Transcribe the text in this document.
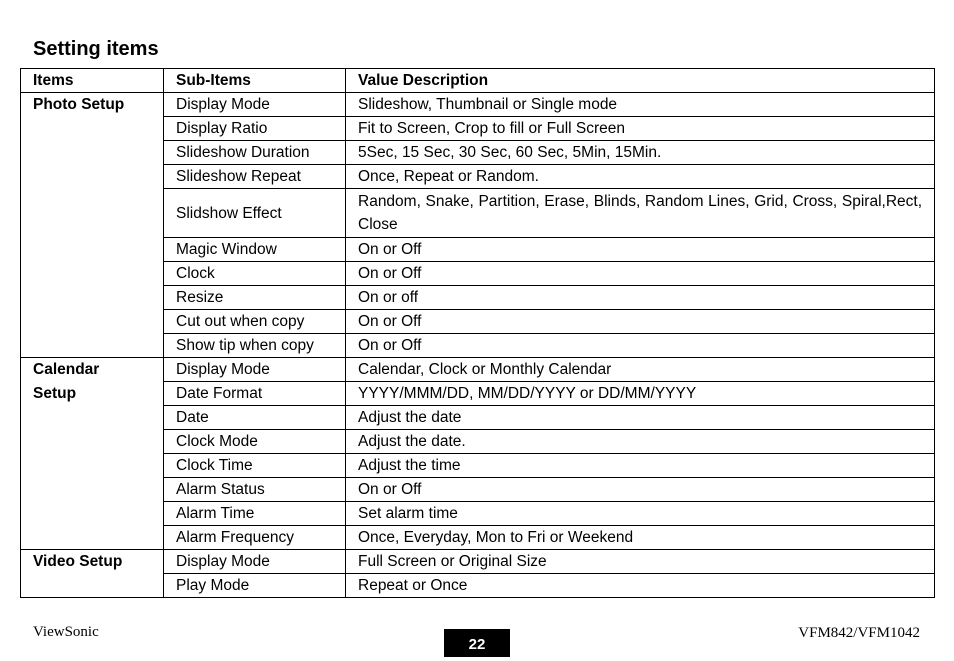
Setting items
Items	Sub-Items	Value Description

Photo Setup	Display Mode	Slideshow, Thumbnail or Single mode
	Display Ratio	Fit to Screen, Crop to fill or Full Screen
	Slideshow Duration	5Sec, 15 Sec, 30 Sec, 60 Sec, 5Min, 15Min.
	Slideshow Repeat	Once, Repeat or Random.
	Slidshow Effect	Random, Snake, Partition, Erase, Blinds, Random Lines, Grid, Cross, Spiral,Rect, Close
	Magic Window	On or Off
	Clock	On or Off
	Resize	On or off
	Cut out when copy	On or Off
	Show tip when copy	On or Off

Calendar
Setup	Display Mode	Calendar, Clock or Monthly Calendar
	Date Format	YYYY/MMM/DD, MM/DD/YYYY or DD/MM/YYYY
	Date	Adjust the date
	Clock Mode	Adjust the date.
	Clock Time	Adjust the time
	Alarm Status	On or Off
	Alarm Time	Set alarm time
	Alarm Frequency	Once, Everyday, Mon to Fri or Weekend

Video Setup	Display Mode	Full Screen or Original Size
	Play Mode	Repeat or Once
ViewSonic
22
VFM842/VFM1042
